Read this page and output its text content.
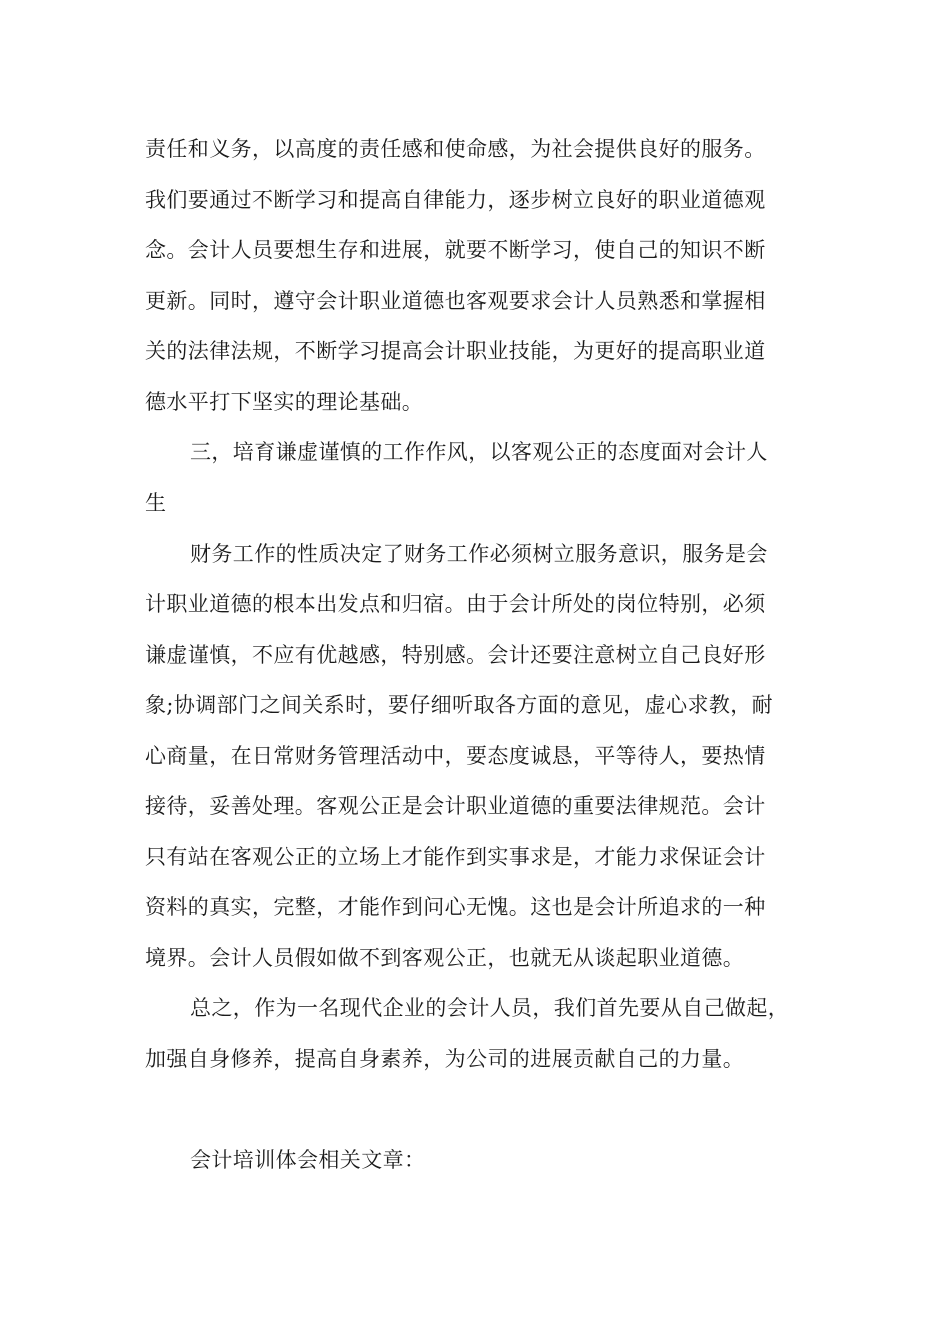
责任和义务，以高度的责任感和使命感，为社会提供良好的服务。
我们要通过不断学习和提高自律能力，逐步树立良好的职业道德观
念。会计人员要想生存和进展，就要不断学习，使自己的知识不断
更新。同时，遵守会计职业道德也客观要求会计人员熟悉和掌握相
关的法律法规，不断学习提高会计职业技能，为更好的提高职业道
德水平打下坚实的理论基础。
三，培育谦虚谨慎的工作作风，以客观公正的态度面对会计人
生
财务工作的性质决定了财务工作必须树立服务意识，服务是会
计职业道德的根本出发点和归宿。由于会计所处的岗位特别，必须
谦虚谨慎，不应有优越感，特别感。会计还要注意树立自己良好形
象;协调部门之间关系时，要仔细听取各方面的意见，虚心求教，耐
心商量，在日常财务管理活动中，要态度诚恳，平等待人，要热情
接待，妥善处理。客观公正是会计职业道德的重要法律规范。会计
只有站在客观公正的立场上才能作到实事求是，才能力求保证会计
资料的真实，完整，才能作到问心无愧。这也是会计所追求的一种
境界。会计人员假如做不到客观公正，也就无从谈起职业道德。
总之，作为一名现代企业的会计人员，我们首先要从自己做起，
加强自身修养，提高自身素养，为公司的进展贡献自己的力量。
会计培训体会相关文章：
